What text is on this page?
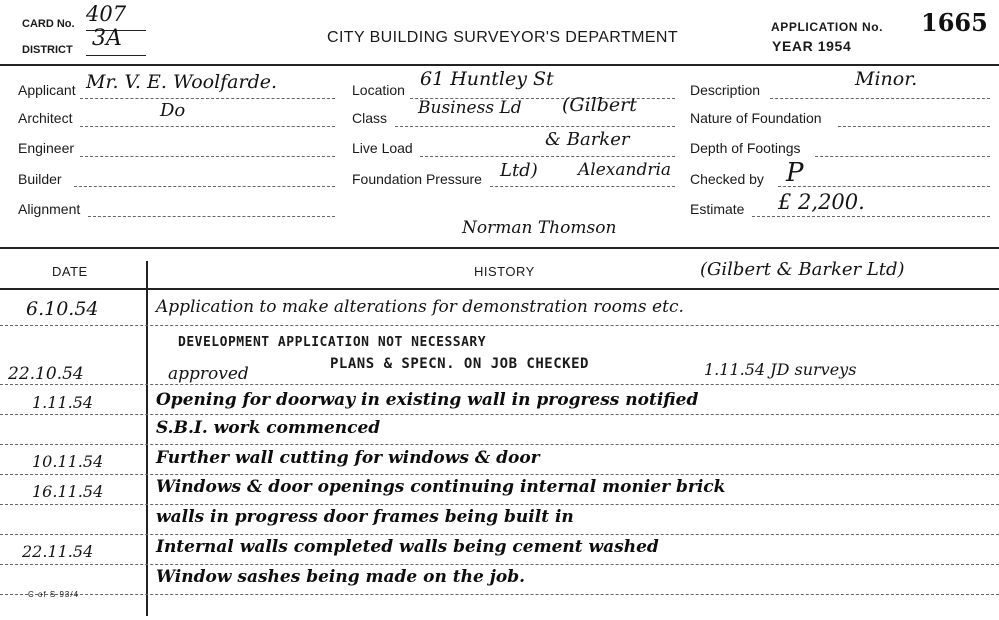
CARD No. 407
DISTRICT 3A	CITY BUILDING SURVEYOR'S DEPARTMENT
APPLICATION No. 1665
YEAR 1954
Applicant Mr. V. E. Woolfarde.
Architect	Do
Engineer
Builder
Alignment
Location 61 Huntley St
Class Business Ld (Gilbert
Live Load	& Barker
Foundation Pressure Ltd) Alexandria
Description	Minor.
Nature of Foundation
Depth of Footings
Checked by P
Estimate £ 2,200.
Norman Thomson
DATE	HISTORY	(Gilbert & Barker Ltd)
6.10.54	Application to make alterations for demonstration rooms etc.
DEVELOPMENT APPLICATION NOT NECESSARY
22.10.54	approved	PLANS & SPECN. ON JOB CHECKED	1.11.54 JD surveys
1.11.54	Opening for doorway in existing wall in progress notified
S.B.I. work commenced
10.11.54	Further wall cutting for windows & door
16.11.54	Windows & door openings continuing internal monier brick
walls in progress door frames being built in
22.11.54	Internal walls completed walls being cement washed
Window sashes being made on the job.
C of S 93/4
